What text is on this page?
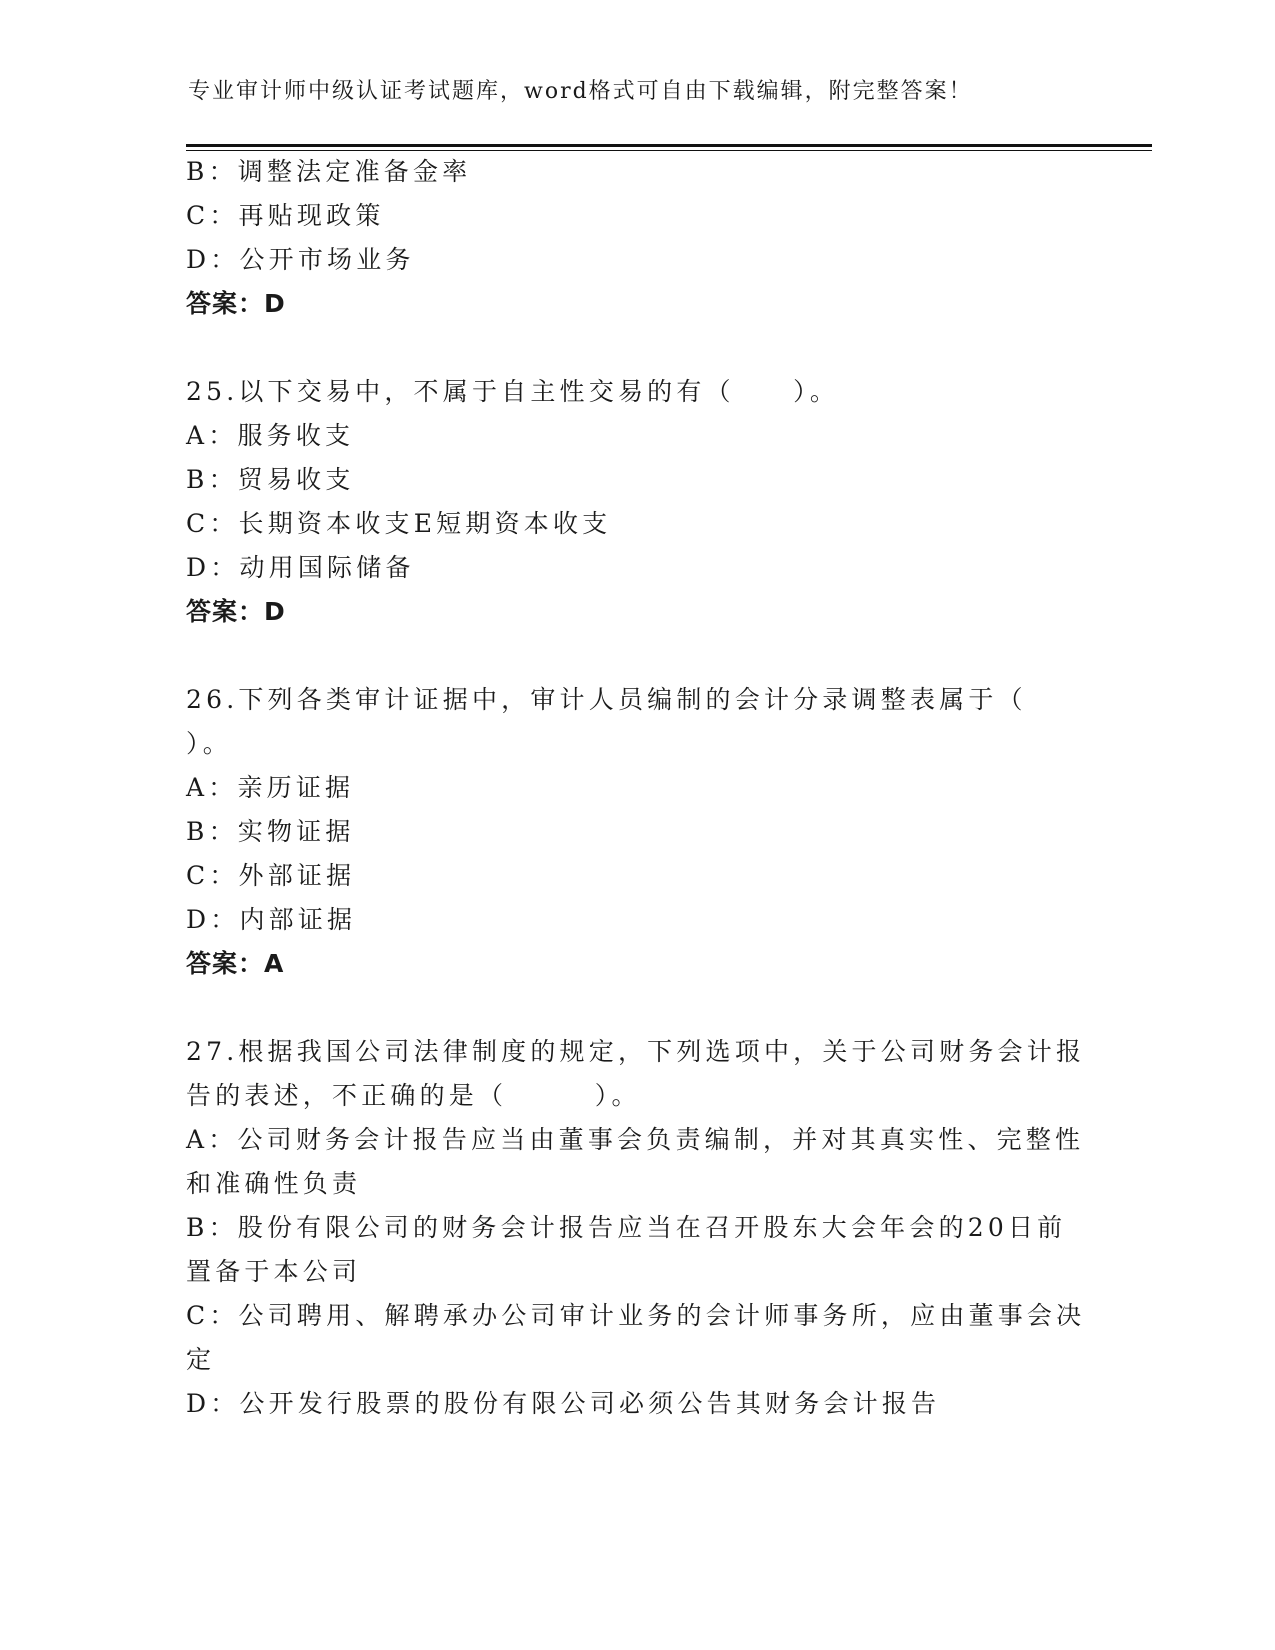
专业审计师中级认证考试题库，word格式可自由下载编辑，附完整答案！
B：调整法定准备金率
C：再贴现政策
D：公开市场业务
答案：D
25.以下交易中，不属于自主性交易的有（　　）。
A：服务收支
B：贸易收支
C：长期资本收支E短期资本收支
D：动用国际储备
答案：D
26.下列各类审计证据中，审计人员编制的会计分录调整表属于（
）。
A：亲历证据
B：实物证据
C：外部证据
D：内部证据
答案：A
27.根据我国公司法律制度的规定，下列选项中，关于公司财务会计报
告的表述，不正确的是（　　　）。
A：公司财务会计报告应当由董事会负责编制，并对其真实性、完整性
和准确性负责
B：股份有限公司的财务会计报告应当在召开股东大会年会的20日前
置备于本公司
C：公司聘用、解聘承办公司审计业务的会计师事务所，应由董事会决
定
D：公开发行股票的股份有限公司必须公告其财务会计报告
